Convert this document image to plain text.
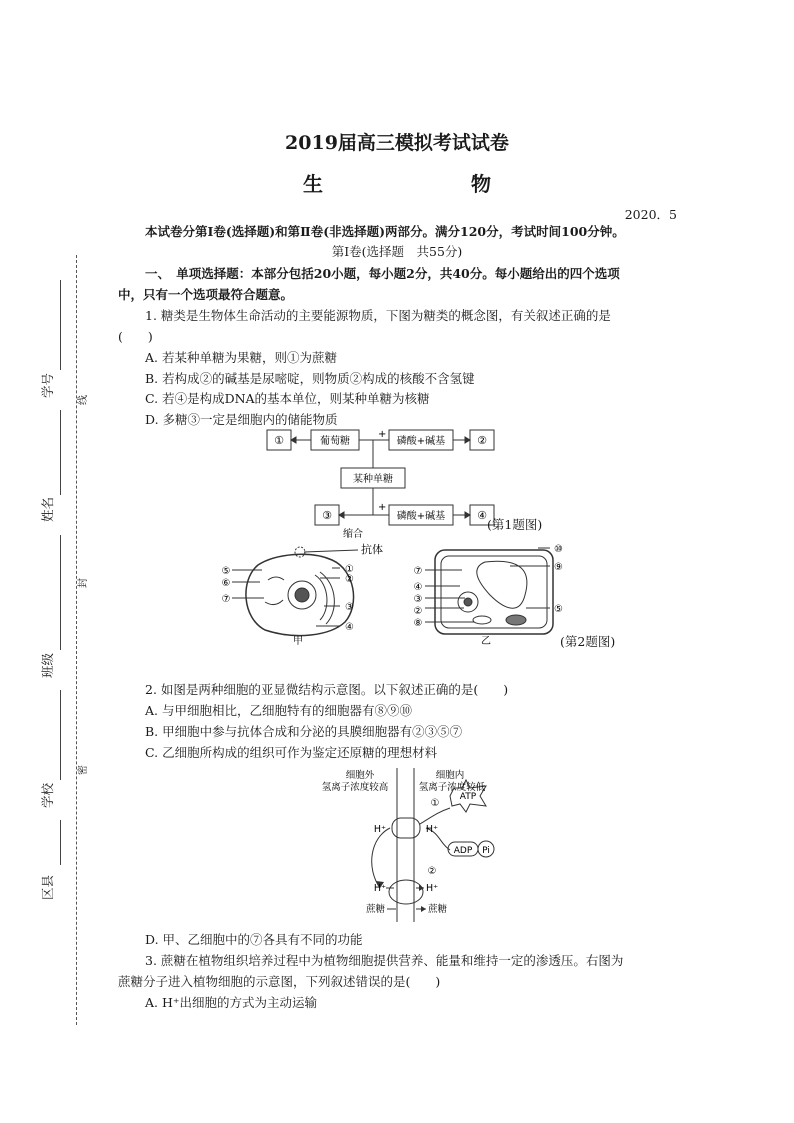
学号
姓名
班级
学校
区县
线
封
密
2019届高三模拟考试试卷
生　　物
2020．5
本试卷分第Ⅰ卷(选择题)和第Ⅱ卷(非选择题)两部分。满分120分，考试时间100分钟。
第Ⅰ卷(选择题　共55分)
一、　单项选择题：本部分包括20小题，每小题2分，共40分。每小题给出的四个选项
中，只有一个选项最符合题意。
1. 糖类是生物体生命活动的主要能源物质，下图为糖类的概念图，有关叙述正确的是
(　　)
A. 若某种单糖为果糖，则①为蔗糖
B. 若构成②的碱基是尿嘧啶，则物质②构成的核酸不含氢键
C. 若④是构成DNA的基本单位，则某种单糖为核糖
D. 多糖③一定是细胞内的储能物质
①	葡萄糖
+
磷酸+碱基	②
某种单糖
③
缩合
+
磷酸+碱基	④
(第1题图)
抗体
⑤
⑥
⑦
①
②
③
④
甲
⑦
④
③
②
⑧
⑩
⑨
⑤
乙	(第2题图)
2. 如图是两种细胞的亚显微结构示意图。以下叙述正确的是(　　)
A. 与甲细胞相比，乙细胞特有的细胞器有⑧⑨⑩
B. 甲细胞中参与抗体合成和分泌的具膜细胞器有②③⑤⑦
C. 乙细胞所构成的组织可作为鉴定还原糖的理想材料
细胞外
氢离子浓度较高
细胞内
氢离子浓度较低
①
ATP
H⁺	H⁺
ADP Pi
②
H⁺	H⁺
蔗糖	蔗糖
D. 甲、乙细胞中的⑦各具有不同的功能
3. 蔗糖在植物组织培养过程中为植物细胞提供营养、能量和维持一定的渗透压。右图为
蔗糖分子进入植物细胞的示意图，下列叙述错误的是(　　)
A. H⁺出细胞的方式为主动运输
